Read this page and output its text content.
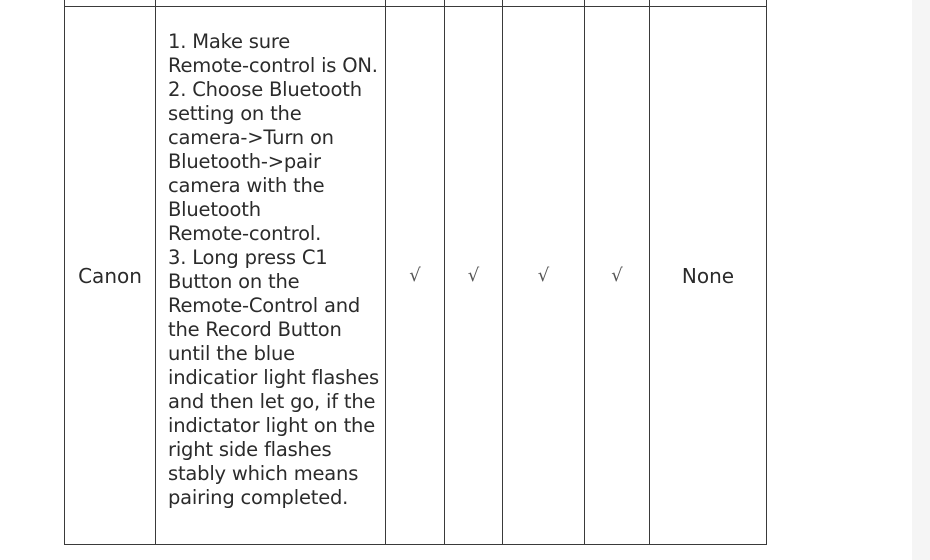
Canon

1. Make sure
Remote-control is ON.
2. Choose Bluetooth
setting on the
camera->Turn on
Bluetooth->pair
camera with the
Bluetooth
Remote-control.
3. Long press C1
Button on the
Remote-Control and
the Record Button
until the blue
indicatior light flashes
and then let go, if the
indictator light on the
right side flashes
stably which means
pairing completed.

√	√	√	√	None
